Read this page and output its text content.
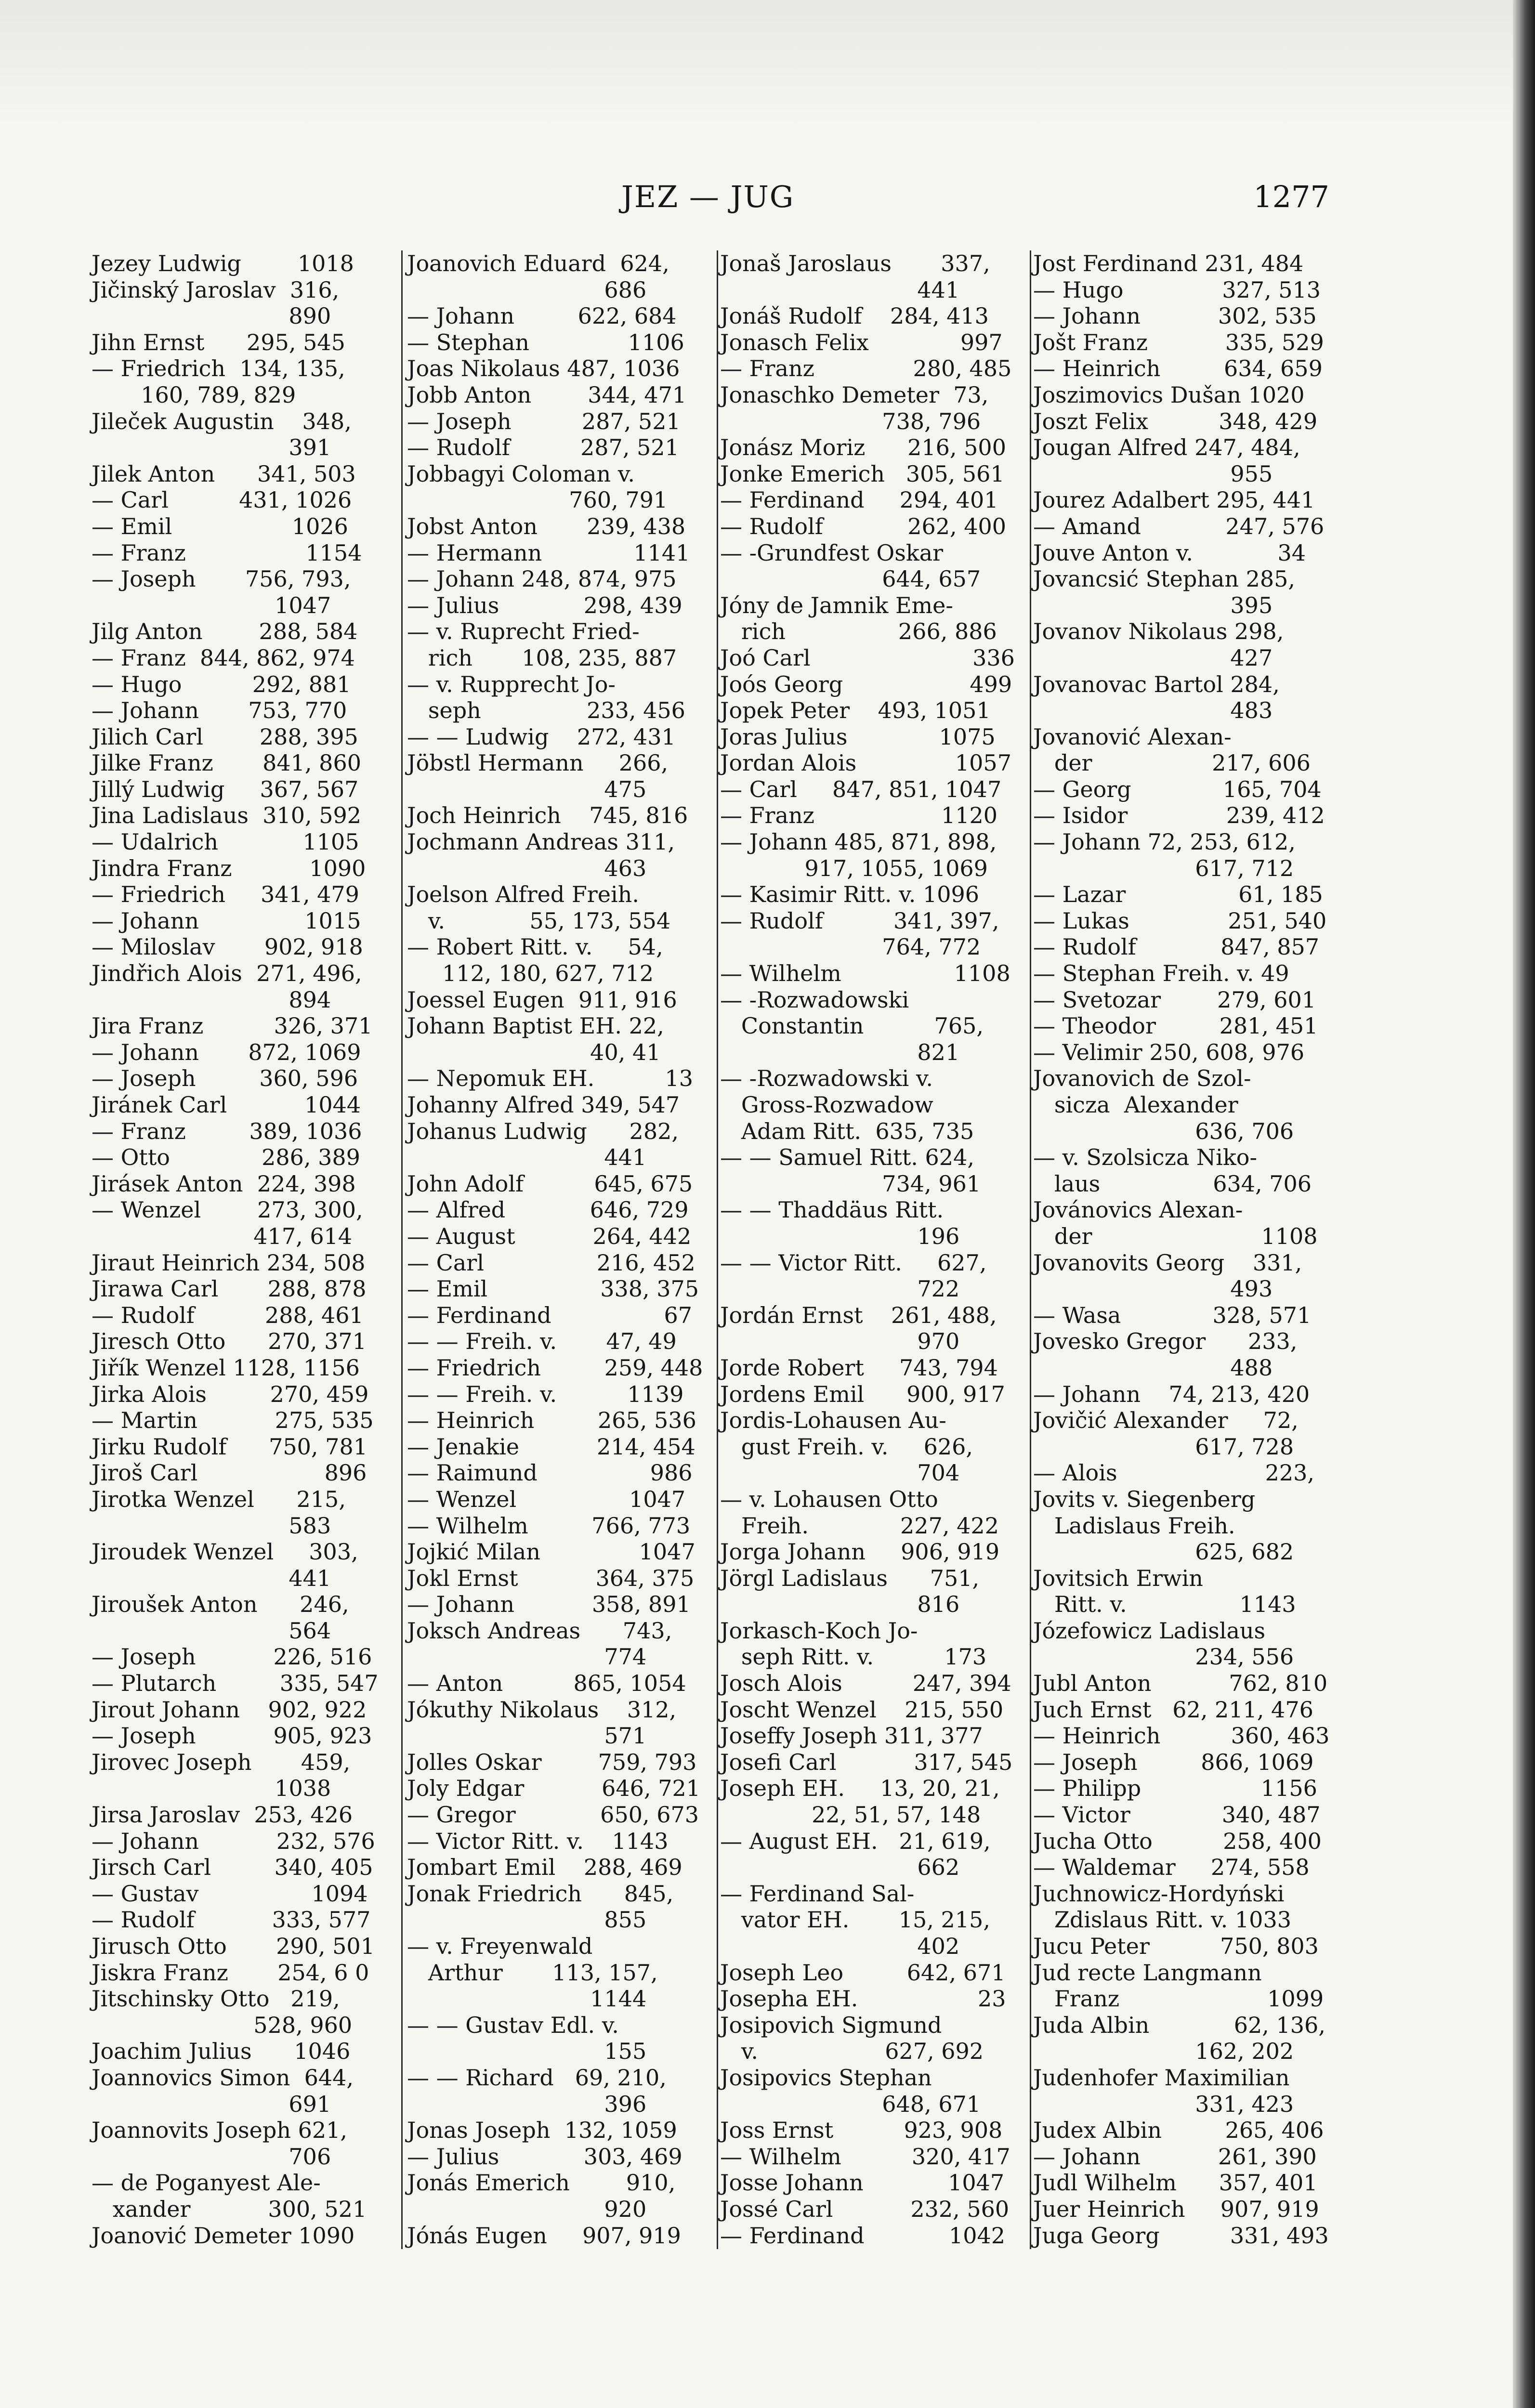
JEZ — JUG	1277
Jezey Ludwig        1018
Jičinský Jaroslav  316,
890
Jihn Ernst      295, 545
— Friedrich  134, 135,
160, 789, 829
Jileček Augustin    348,
391
Jilek Anton      341, 503
— Carl          431, 1026
— Emil                 1026
— Franz                 1154
— Joseph       756, 793,
1047
Jilg Anton        288, 584
— Franz  844, 862, 974
— Hugo          292, 881
— Johann       753, 770
Jilich Carl        288, 395
Jilke Franz       841, 860
Jillý Ludwig     367, 567
Jina Ladislaus  310, 592
— Udalrich            1105
Jindra Franz           1090
— Friedrich     341, 479
— Johann               1015
— Miloslav       902, 918
Jindřich Alois  271, 496,
894
Jira Franz          326, 371
— Johann       872, 1069
— Joseph         360, 596
Jiránek Carl           1044
— Franz         389, 1036
— Otto             286, 389
Jirásek Anton  224, 398
— Wenzel        273, 300,
417, 614
Jiraut Heinrich 234, 508
Jirawa Carl       288, 878
— Rudolf          288, 461
Jiresch Otto      270, 371
Jiřík Wenzel 1128, 1156
Jirka Alois         270, 459
— Martin           275, 535
Jirku Rudolf      750, 781
Jiroš Carl                  896
Jirotka Wenzel      215,
583
Jiroudek Wenzel     303,
441
Jiroušek Anton      246,
564
— Joseph           226, 516
— Plutarch         335, 547
Jirout Johann    902, 922
— Joseph           905, 923
Jirovec Joseph       459,
1038
Jirsa Jaroslav  253, 426
— Johann           232, 576
Jirsch Carl         340, 405
— Gustav                1094
— Rudolf           333, 577
Jirusch Otto       290, 501
Jiskra Franz       254, 6 0
Jitschinsky Otto   219,
528, 960
Joachim Julius      1046
Joannovics Simon  644,
691
Joannovits Joseph 621,
706
— de Poganyest Ale-
xander           300, 521
Joanović Demeter 1090
Joanovich Eduard  624,
686
— Johann         622, 684
— Stephan              1106
Joas Nikolaus 487, 1036
Jobb Anton        344, 471
— Joseph          287, 521
— Rudolf          287, 521
Jobbagyi Coloman v.
760, 791
Jobst Anton       239, 438
— Hermann             1141
— Johann 248, 874, 975
— Julius            298, 439
— v. Ruprecht Fried-
rich       108, 235, 887
— v. Rupprecht Jo-
seph               233, 456
— — Ludwig    272, 431
Jöbstl Hermann     266,
475
Joch Heinrich    745, 816
Jochmann Andreas 311,
463
Joelson Alfred Freih.
v.            55, 173, 554
— Robert Ritt. v.     54,
112, 180, 627, 712
Joessel Eugen  911, 916
Johann Baptist EH. 22,
40, 41
— Nepomuk EH.          13
Johanny Alfred 349, 547
Johanus Ludwig      282,
441
John Adolf          645, 675
— Alfred            646, 729
— August           264, 442
— Carl                216, 452
— Emil                338, 375
— Ferdinand                67
— — Freih. v.       47, 49
— Friedrich         259, 448
— — Freih. v.          1139
— Heinrich         265, 536
— Jenakie           214, 454
— Raimund                986
— Wenzel                1047
— Wilhelm         766, 773
Jojkić Milan              1047
Jokl Ernst           364, 375
— Johann           358, 891
Joksch Andreas      743,
774
— Anton          865, 1054
Jókuthy Nikolaus    312,
571
Jolles Oskar        759, 793
Joly Edgar           646, 721
— Gregor            650, 673
— Victor Ritt. v.    1143
Jombart Emil    288, 469
Jonak Friedrich      845,
855
— v. Freyenwald
Arthur       113, 157,
1144
— — Gustav Edl. v.
155
— — Richard   69, 210,
396
Jonas Joseph  132, 1059
— Julius            303, 469
Jonás Emerich        910,
920
Jónás Eugen     907, 919
Jonaš Jaroslaus       337,
441
Jonáš Rudolf    284, 413
Jonasch Felix             997
— Franz              280, 485
Jonaschko Demeter  73,
738, 796
Jonász Moriz      216, 500
Jonke Emerich   305, 561
— Ferdinand     294, 401
— Rudolf            262, 400
— -Grundfest Oskar
644, 657
Jóny de Jamnik Eme-
rich                266, 886
Joó Carl                       336
Joós Georg                  499
Jopek Peter    493, 1051
Joras Julius             1075
Jordan Alois              1057
— Carl     847, 851, 1047
— Franz                  1120
— Johann 485, 871, 898,
917, 1055, 1069
— Kasimir Ritt. v. 1096
— Rudolf          341, 397,
764, 772
— Wilhelm                1108
— -Rozwadowski
Constantin          765,
821
— -Rozwadowski v.
Gross-Rozwadow
Adam Ritt.  635, 735
— — Samuel Ritt. 624,
734, 961
— — Thaddäus Ritt.
196
— — Victor Ritt.     627,
722
Jordán Ernst    261, 488,
970
Jorde Robert     743, 794
Jordens Emil      900, 917
Jordis-Lohausen Au-
gust Freih. v.     626,
704
— v. Lohausen Otto
Freih.             227, 422
Jorga Johann     906, 919
Jörgl Ladislaus      751,
816
Jorkasch-Koch Jo-
seph Ritt. v.          173
Josch Alois          247, 394
Joscht Wenzel    215, 550
Joseffy Joseph 311, 377
Josefi Carl           317, 545
Joseph EH.     13, 20, 21,
22, 51, 57, 148
— August EH.   21, 619,
662
— Ferdinand Sal-
vator EH.       15, 215,
402
Joseph Leo         642, 671
Josepha EH.                 23
Josipovich Sigmund
v.                  627, 692
Josipovics Stephan
648, 671
Joss Ernst          923, 908
— Wilhelm          320, 417
Josse Johann            1047
Jossé Carl           232, 560
— Ferdinand            1042
Jost Ferdinand 231, 484
— Hugo              327, 513
— Johann           302, 535
Jošt Franz           335, 529
— Heinrich         634, 659
Joszimovics Dušan 1020
Joszt Felix          348, 429
Jougan Alfred 247, 484,
955
Jourez Adalbert 295, 441
— Amand            247, 576
Jouve Anton v.            34
Jovancsić Stephan 285,
395
Jovanov Nikolaus 298,
427
Jovanovac Bartol 284,
483
Jovanović Alexan-
der                 217, 606
— Georg             165, 704
— Isidor              239, 412
— Johann 72, 253, 612,
617, 712
— Lazar                61, 185
— Lukas              251, 540
— Rudolf            847, 857
— Stephan Freih. v. 49
— Svetozar        279, 601
— Theodor         281, 451
— Velimir 250, 608, 976
Jovanovich de Szol-
sicza  Alexander
636, 706
— v. Szolsicza Niko-
laus                634, 706
Jovánovics Alexan-
der                        1108
Jovanovits Georg    331,
493
— Wasa             328, 571
Jovesko Gregor      233,
488
— Johann    74, 213, 420
Jovičić Alexander     72,
617, 728
— Alois                     223,
Jovits v. Siegenberg
Ladislaus Freih.
625, 682
Jovitsich Erwin
Ritt. v.                1143
Józefowicz Ladislaus
234, 556
Jubl Anton           762, 810
Juch Ernst   62, 211, 476
— Heinrich          360, 463
— Joseph         866, 1069
— Philipp                 1156
— Victor             340, 487
Jucha Otto          258, 400
— Waldemar     274, 558
Juchnowicz-Hordyński
Zdislaus Ritt. v. 1033
Jucu Peter          750, 803
Jud recte Langmann
Franz                     1099
Juda Albin            62, 136,
162, 202
Judenhofer Maximilian
331, 423
Judex Albin         265, 406
— Johann           261, 390
Judl Wilhelm      357, 401
Juer Heinrich     907, 919
Juga Georg          331, 493
